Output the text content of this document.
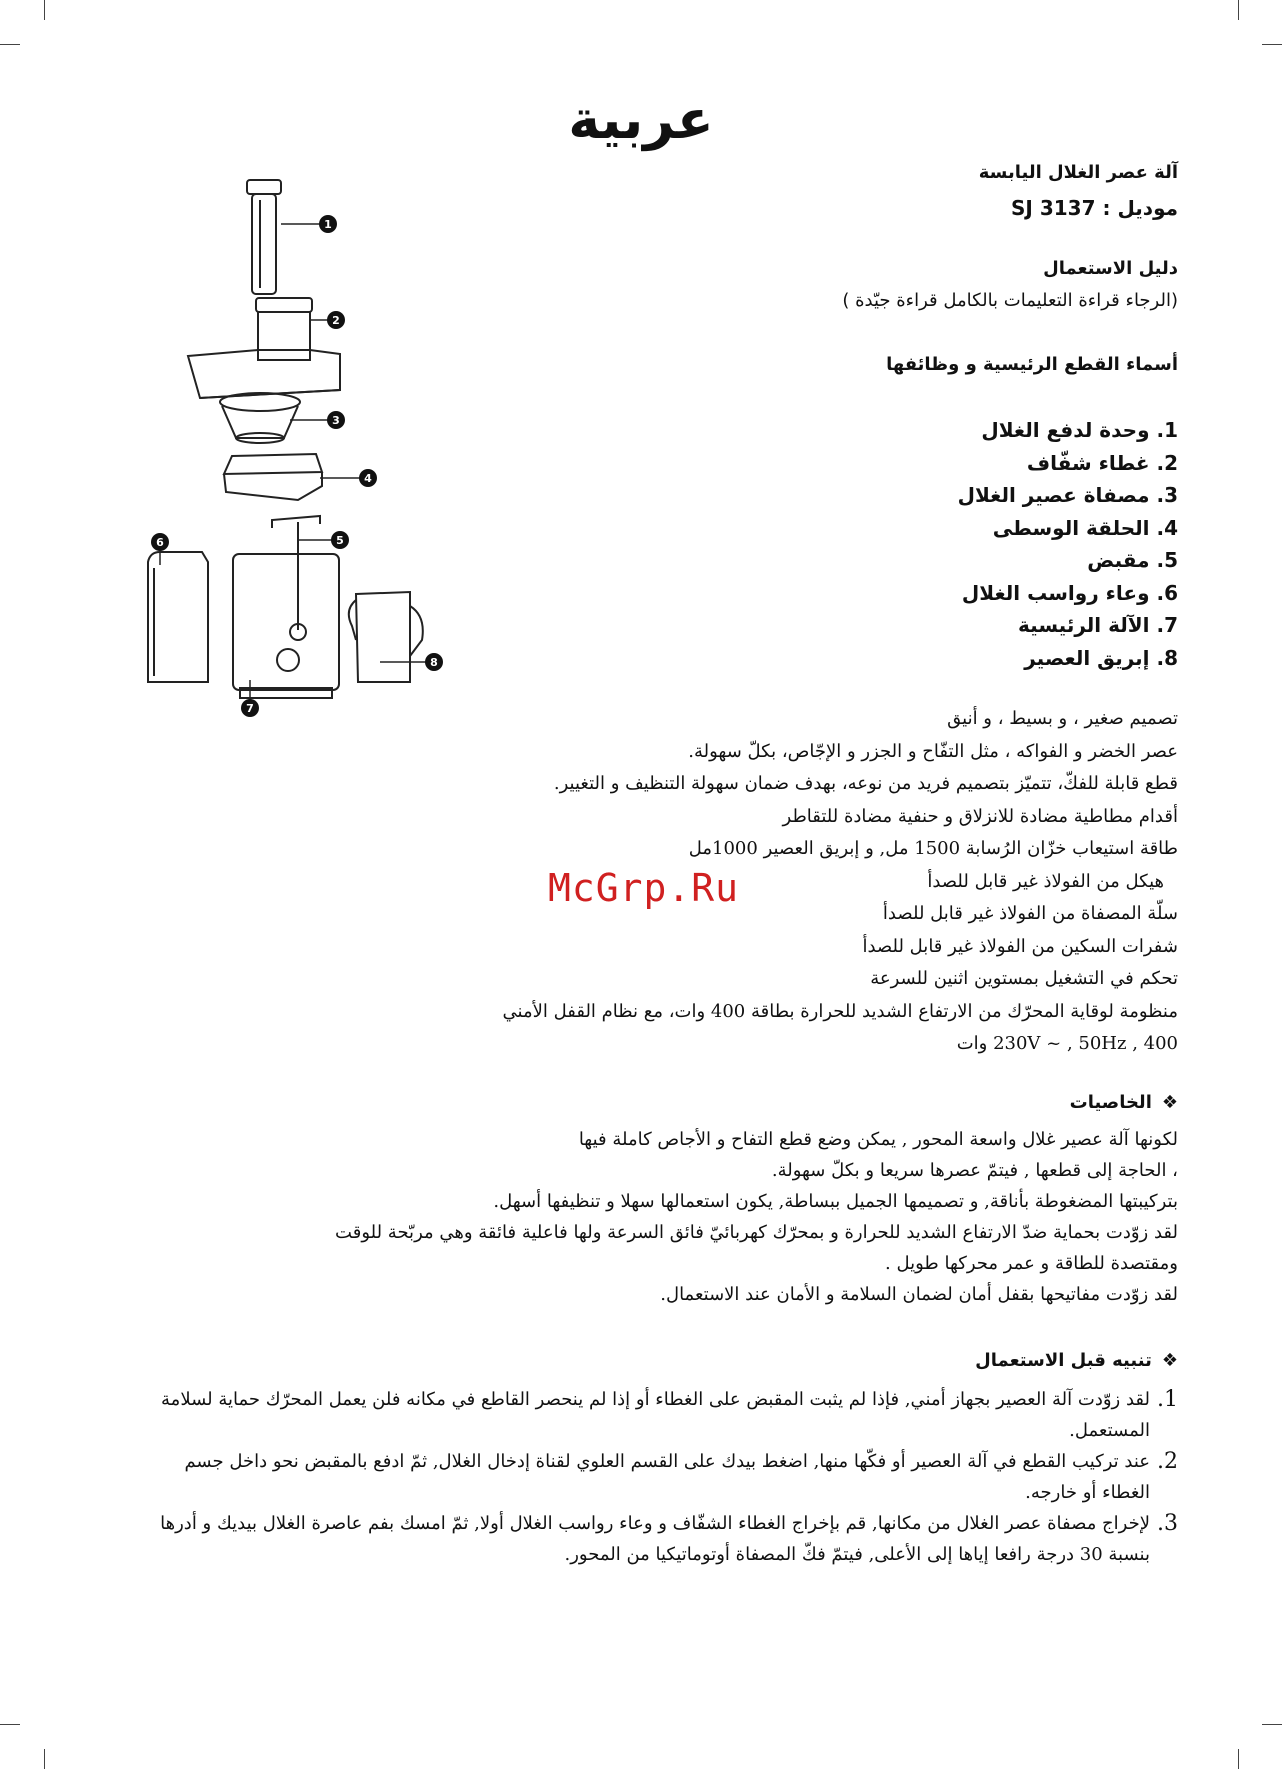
عربية
آلة عصر الغلال اليابسة
موديل : SJ 3137
دليل الاستعمال
(الرجاء قراءة التعليمات بالكامل قراءة جيّدة )
أسماء القطع الرئيسية و وظائفها
1. وحدة لدفع الغلال
2. غطاء شفّاف
3. مصفاة عصير الغلال
4. الحلقة الوسطى
5. مقبض
6. وعاء رواسب الغلال
7. الآلة الرئيسية
8. إبريق العصير
1
2
3
4
5
6
7
8
تصميم صغير ، و بسيط ، و أنيق
عصر الخضر و الفواكه ، مثل التفّاح و الجزر و الإجّاص، بكلّ سهولة.
قطع قابلة للفكّ، تتميّز بتصميم فريد من نوعه، بهدف ضمان سهولة التنظيف و التغيير.
أقدام مطاطية مضادة للانزلاق و حنفية مضادة للتقاطر
طاقة استيعاب خزّان الرُسابة 1500 مل, و إبريق العصير 1000مل
هيكل من الفولاذ غير قابل للصدأ
سلّة المصفاة من الفولاذ غير قابل للصدأ
شفرات السكين من الفولاذ غير قابل للصدأ
تحكم في التشغيل بمستوين اثنين للسرعة
منظومة لوقاية المحرّك من الارتفاع الشديد للحرارة بطاقة 400 وات، مع نظام القفل الأمني
230V ~ , 50Hz , 400 وات
McGrp.Ru
❖الخاصيات
لكونها آلة عصير غلال واسعة المحور , يمكن وضع قطع التفاح و الأجاص كاملة فيها
، الحاجة إلى قطعها , فيتمّ عصرها سريعا و بكلّ سهولة.
بتركيبتها المضغوطة بأناقة, و تصميمها الجميل ببساطة, يكون استعمالها سهلا و تنظيفها أسهل.
لقد زوّدت بحماية ضدّ الارتفاع الشديد للحرارة و بمحرّك كهربائيّ فائق السرعة ولها فاعلية فائقة وهي مربّحة للوقت
ومقتصدة للطاقة و عمر محركها طويل .
لقد زوّدت مفاتيحها بقفل أمان لضمان السلامة و الأمان عند الاستعمال.
❖تنبيه قبل الاستعمال
1.
لقد زوّدت آلة العصير بجهاز أمني, فإذا لم يثبت المقبض على الغطاء أو إذا لم ينحصر القاطع في مكانه فلن يعمل المحرّك حماية لسلامة المستعمل.
2.
عند تركيب القطع في آلة العصير أو فكّها منها, اضغط بيدك على القسم العلوي لقناة إدخال الغلال, ثمّ ادفع بالمقبض نحو داخل جسم الغطاء أو خارجه.
3.
لإخراج مصفاة عصر الغلال من مكانها, قم بإخراج الغطاء الشفّاف و وعاء رواسب الغلال أولا, ثمّ امسك بفم عاصرة الغلال بيديك و أدرها بنسبة 30 درجة رافعا إياها إلى الأعلى, فيتمّ فكّ المصفاة أوتوماتيكيا من المحور.
